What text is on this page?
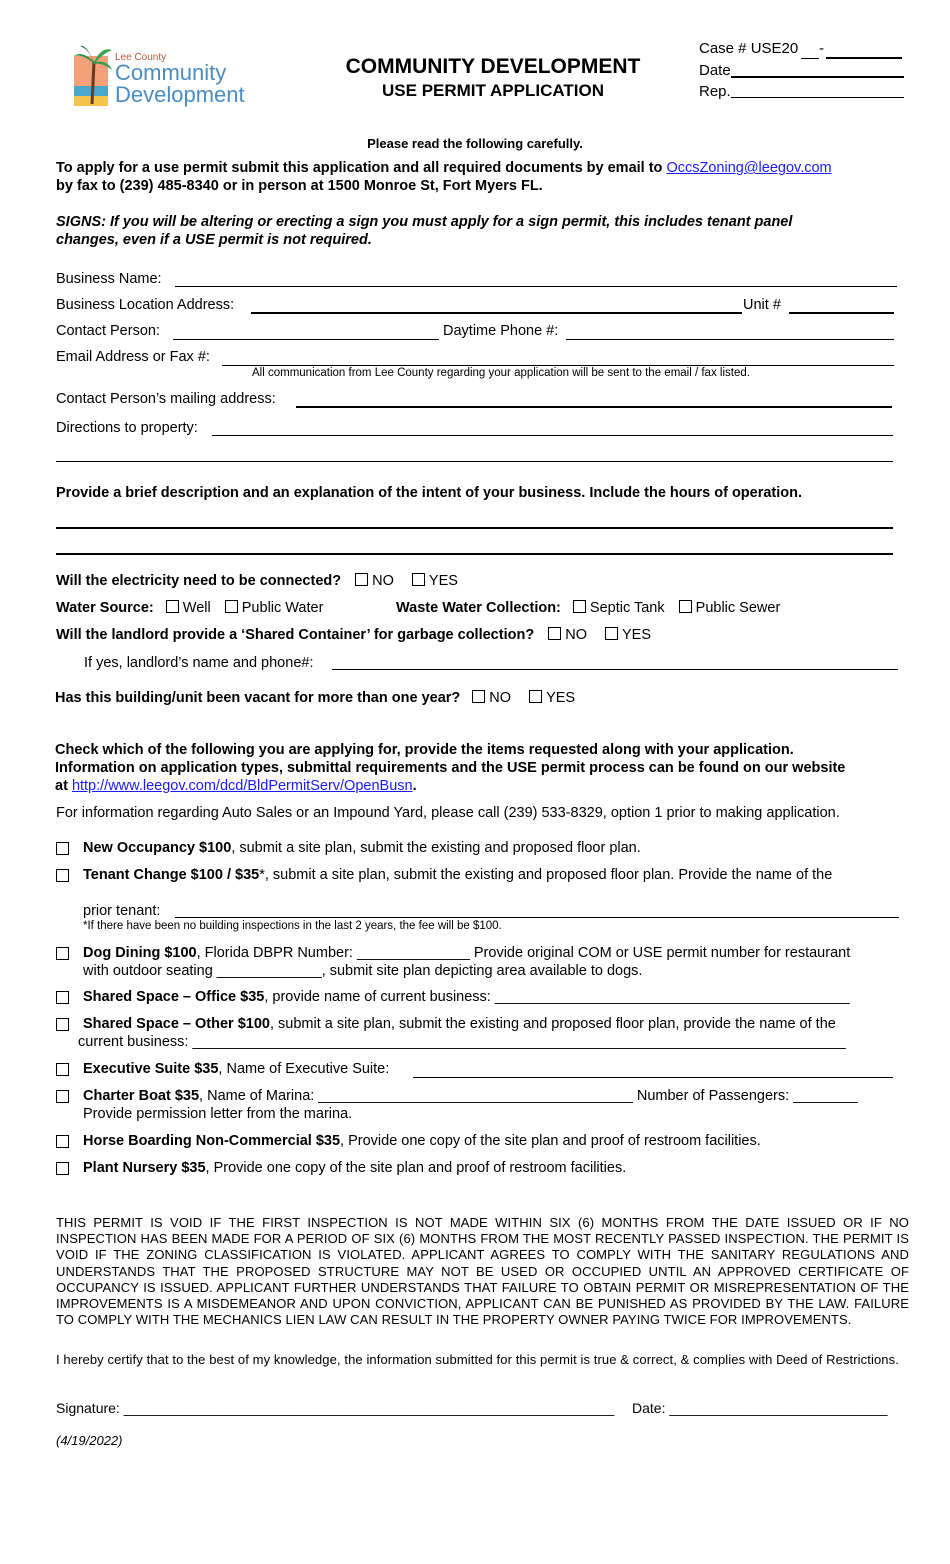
Lee County
Community
Development
COMMUNITY DEVELOPMENT
USE PERMIT APPLICATION
Case # USE20 -
Date
Rep.
Please read the following carefully.
To apply for a use permit submit this application and all required documents by email to OccsZoning@leegov.com
by fax to (239) 485-8340 or in person at 1500 Monroe St, Fort Myers FL.
SIGNS: If you will be altering or erecting a sign you must apply for a sign permit, this includes tenant panel
changes, even if a USE permit is not required.
Business Name:
Business Location Address:	Unit #
Contact Person:	Daytime Phone #:
Email Address or Fax #:
All communication from Lee County regarding your application will be sent to the email / fax listed.
Contact Person’s mailing address:
Directions to property:
Provide a brief description and an explanation of the intent of your business. Include the hours of operation.
Will the electricity need to be connected? NO YES
Water Source: Well Public Water	Waste Water Collection: Septic Tank Public Sewer
Will the landlord provide a ‘Shared Container’ for garbage collection? NO YES
If yes, landlord’s name and phone#:
Has this building/unit been vacant for more than one year? NO YES
Check which of the following you are applying for, provide the items requested along with your application.
Information on application types, submittal requirements and the USE permit process can be found on our website
at http://www.leegov.com/dcd/BldPermitServ/OpenBusn.
For information regarding Auto Sales or an Impound Yard, please call (239) 533-8329, option 1 prior to making application.
New Occupancy $100, submit a site plan, submit the existing and proposed floor plan.
Tenant Change $100 / $35*, submit a site plan, submit the existing and proposed floor plan. Provide the name of the
prior tenant:
*If there have been no building inspections in the last 2 years, the fee will be $100.
Dog Dining $100, Florida DBPR Number: ______________ Provide original COM or USE permit number for restaurant
with outdoor seating _____________, submit site plan depicting area available to dogs.
Shared Space – Office $35, provide name of current business: ____________________________________________
Shared Space – Other $100, submit a site plan, submit the existing and proposed floor plan, provide the name of the
current business: _________________________________________________________________________________
Executive Suite $35, Name of Executive Suite:
Charter Boat $35, Name of Marina: _______________________________________ Number of Passengers: ________
Provide permission letter from the marina.
Horse Boarding Non-Commercial $35, Provide one copy of the site plan and proof of restroom facilities.
Plant Nursery $35, Provide one copy of the site plan and proof of restroom facilities.
THIS PERMIT IS VOID IF THE FIRST INSPECTION IS NOT MADE WITHIN SIX (6) MONTHS FROM THE DATE ISSUED OR IF NO INSPECTION HAS BEEN MADE FOR A PERIOD OF SIX (6) MONTHS FROM THE MOST RECENTLY PASSED INSPECTION. THE PERMIT IS VOID IF THE ZONING CLASSIFICATION IS VIOLATED. APPLICANT AGREES TO COMPLY WITH THE SANITARY REGULATIONS AND UNDERSTANDS THAT THE PROPOSED STRUCTURE MAY NOT BE USED OR OCCUPIED UNTIL AN APPROVED CERTIFICATE OF OCCUPANCY IS ISSUED. APPLICANT FURTHER UNDERSTANDS THAT FAILURE TO OBTAIN PERMIT OR MISREPRESENTATION OF THE IMPROVEMENTS IS A MISDEMEANOR AND UPON CONVICTION, APPLICANT CAN BE PUNISHED AS PROVIDED BY THE LAW. FAILURE TO COMPLY WITH THE MECHANICS LIEN LAW CAN RESULT IN THE PROPERTY OWNER PAYING TWICE FOR IMPROVEMENTS.
I hereby certify that to the best of my knowledge, the information submitted for this permit is true & correct, & complies with Deed of Restrictions.
Signature: _______________________________________________________________ Date: ____________________________
(4/19/2022)
